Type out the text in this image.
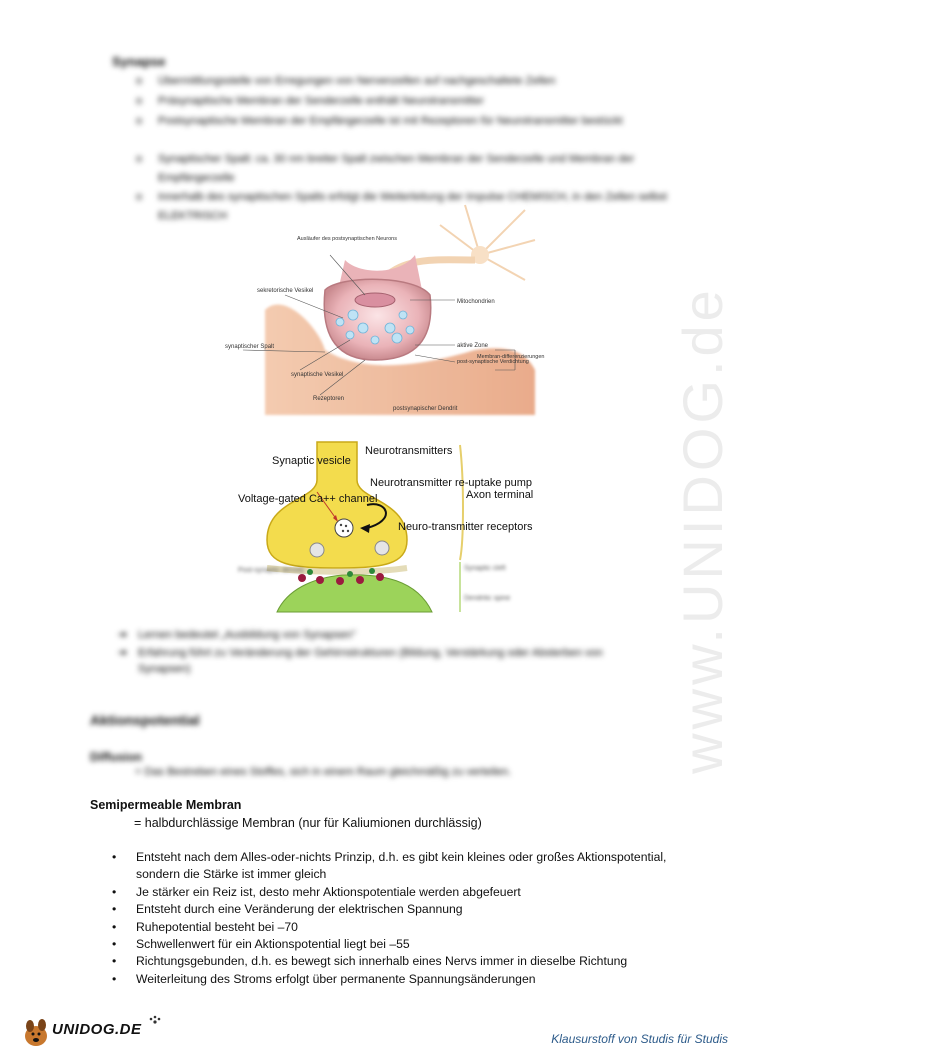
www.UNIDOG.de
Synapse
o Übermittlungsstelle von Erregungen von Nervenzellen auf nachgeschaltete Zellen
o Präsynaptische Membran der Senderzelle enthält Neurotransmitter
o Postsynaptische Membran der Empfängerzelle ist mit Rezeptoren für Neurotransmitter bestückt
o Synaptischer Spalt: ca. 30 nm breiter Spalt zwischen Membran der Senderzelle und Membran der Empfängerzelle
o Innerhalb des synaptischen Spalts erfolgt die Weiterleitung der Impulse CHEMISCH, in den Zellen selbst ELEKTRISCH
Ausläufer des postsynaptischen Neurons
sekretorische Vesikel
Mitochondrien
synaptischer Spalt	aktive Zone
post-synaptische Verdichtung
Membran-differenzierungen
synaptische Vesikel
Rezeptoren
postsynapischer Dendrit
Synaptic vesicle
Neurotransmitters
Neurotransmitter re-uptake pump
Axon terminal
Voltage-gated Ca++ channel
Neuro-transmitter receptors
Post-synaptic density	Synaptic cleft
Dendritic spine
➔ Lernen bedeutet „Ausbildung von Synapsen"
➔ Erfahrung führt zu Veränderung der Gehirnstrukturen (Bildung, Verstärkung oder Absterben von Synapsen)
Aktionspotential
Diffusion
= Das Bestreben eines Stoffes, sich in einem Raum gleichmäßig zu verteilen.
Semipermeable Membran
= halbdurchlässige Membran (nur für Kaliumionen durchlässig)
• Entsteht nach dem Alles-oder-nichts Prinzip, d.h. es gibt kein kleines oder großes Aktionspotential, sondern die Stärke ist immer gleich
• Je stärker ein Reiz ist, desto mehr Aktionspotentiale werden abgefeuert
• Entsteht durch eine Veränderung der elektrischen Spannung
• Ruhepotential besteht bei –70
• Schwellenwert für ein Aktionspotential liegt bei –55
• Richtungsgebunden, d.h. es bewegt sich innerhalb eines Nervs immer in dieselbe Richtung
• Weiterleitung des Stroms erfolgt über permanente Spannungsänderungen
UNIDOG.DE
Klausurstoff von Studis für Studis
